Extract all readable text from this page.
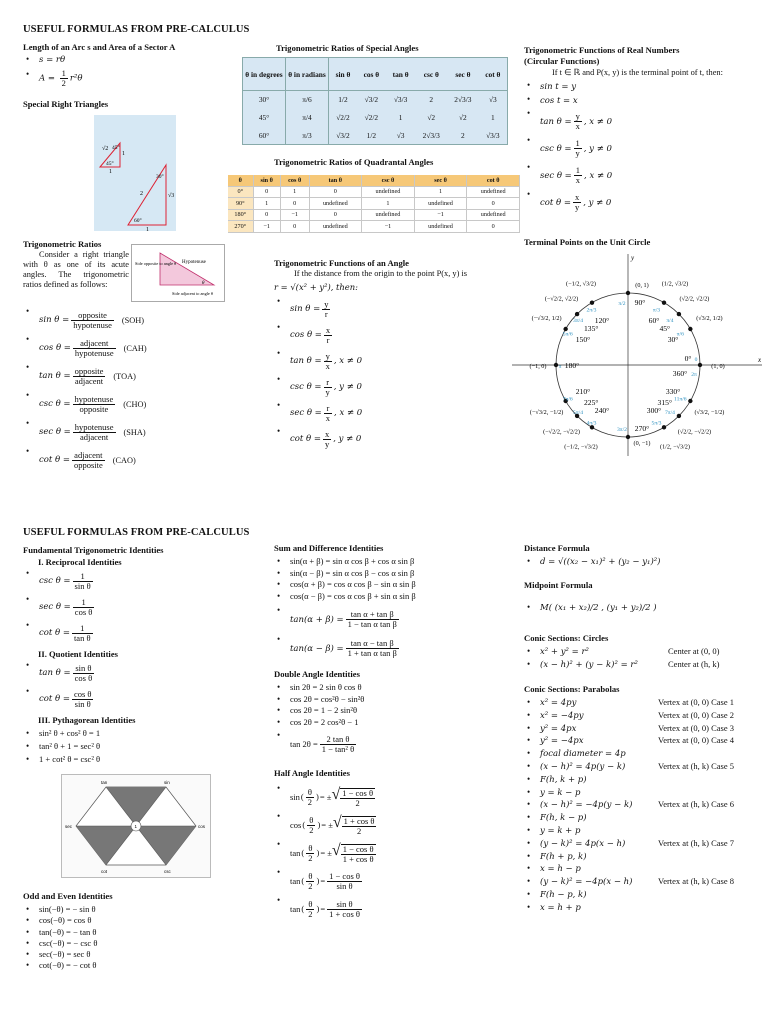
USEFUL FORMULAS FROM PRE-CALCULUS
Length of an Arc s and Area of a Sector A
• s = rθ
• $A = \frac{1}{2} r^2\theta$
Special Right Triangles
√2 45°
1
45°
1
2
30°
√3
60°
1
Trigonometric Ratios
Consider a right triangle with θ as one of its acute angles. The trigonometric ratios defined as follows:
Hypotenuse
Side opposite to angle θ
Side adjacent to angle θ
θ
• sin θ =
opposite
hypotenuse (SOH)
• cos θ =
adjacent
hypotenuse (CAH)
• tan θ =
opposite
adjacent (TOA)
• csc θ =
hypotenuse
opposite	(CHO)
• sec θ =
hypotenuse
adjacent	(SHA)
• cot θ =
adjacent
opposite (CAO)
Trigonometric Ratios of Special Angles
θ in degrees	θ in radians	sin θ	cos θ	tan θ	csc θ	sec θ	cot θ
30°	π/6	1/2	√3/2	√3/3	2	2√3/3	√3
45°	π/4	√2/2	√2/2	1	√2	√2	1
60°	π/3	√3/2	1/2	√3	2√3/3	2	√3/3
Trigonometric Ratios of Quadrantal Angles
θ	sin θ	cos θ	tan θ	csc θ	sec θ	cot θ
0°	0	1	0	undefined	1	undefined
90°	1	0	undefined	1	undefined	0
180°	0	−1	0	undefined	−1	undefined
270°	−1	0	undefined	−1	undefined	0
Trigonometric Functions of an Angle
If the distance from the origin to the point P(x, y) is
r = √(x² + y²), then:
• $\sin \theta = \frac{y}{r}$
• $\cos \theta = \frac{x}{r}$
• $\tan \theta = \frac{y}{x}$ , x ≠ 0
• $\csc \theta = \frac{r}{y}$ , y ≠ 0
• $\sec \theta = \frac{r}{x}$ , x ≠ 0
• $\cot \theta = \frac{x}{y}$ , y ≠ 0
Trigonometric Functions of Real Numbers
(Circular Functions)
If t ∈ ℝ and P(x, y) is the terminal point of t, then:
• sin t = y
• cos t = x
• $\tan \theta = \frac{y}{x}$ , x ≠ 0
• $\csc \theta = \frac{1}{y}$ , y ≠ 0
• $\sec \theta = \frac{1}{x}$ , x ≠ 0
• $\cot \theta = \frac{x}{y}$ , y ≠ 0
Terminal Points on the Unit Circle
x
y
(0, 1) (1/2, √3/2)
(−1/2, √3/2)
(√2/2, √2/2)
(−√2/2, √2/2)
(√3/2, 1/2)
(−√3/2, 1/2)
(1, 0)
(−1, 0)
(√3/2, −1/2)
(−√3/2, −1/2)
(√2/2, −√2/2)
(−√2/2, −√2/2)
(1/2, −√3/2)
(−1/2, −√3/2)	(0, −1)
90°
60°
45°
30°
120°
135°
150°
180°
0°
360°
210°
225°
240°
270°
300°
315°
330°
π/2
π/3
π/4
π/6
2π/3
3π/4
5π/6
π
0
2π
7π/6
5π/4
4π/3
3π/2
5π/3
7π/4
11π/6
USEFUL FORMULAS FROM PRE-CALCULUS
Fundamental Trigonometric Identities
I. Reciprocal Identities
• $\csc \theta = \frac{1}{\text{sin θ}}$
• $\sec \theta = \frac{1}{\text{cos θ}}$
• $\cot \theta = \frac{1}{\text{tan θ}}$
II. Quotient Identities
• $\tan \theta = \frac{\text{sin θ}}{\text{cos θ}}$
• $\cot \theta = \frac{\text{cos θ}}{\text{sin θ}}$
III. Pythagorean Identities
• sin² θ + cos² θ = 1
• tan² θ + 1 = sec² θ
• 1 + cot² θ = csc² θ
tan	sin
sec	cos
cot	csc
1
Odd and Even Identities
• sin(−θ) = − sin θ
• cos(−θ) = cos θ
• tan(−θ) = − tan θ
• csc(−θ) = − csc θ
• sec(−θ) = sec θ
• cot(−θ) = − cot θ
Sum and Difference Identities
• sin(α + β) = sin α cos β + cos α sin β
• sin(α − β) = sin α cos β − cos α sin β
• cos(α + β) = cos α cos β − sin α sin β
• cos(α − β) = cos α cos β + sin α sin β
• $\tan(\alpha + \beta) = \frac{\text{tan α + tan β}}{\text{1 − tan α tan β}}$
• $\tan(\alpha - \beta) = \frac{\text{tan α − tan β}}{\text{1 + tan α tan β}}$
Double Angle Identities
• sin 2θ = 2 sin θ cos θ
• cos 2θ = cos²θ − sin²θ
• cos 2θ = 1 − 2 sin²θ
• cos 2θ = 2 cos²θ − 1
• $\tan 2\theta = \frac{\text{2 tan θ}}{\text{1 − tan² θ}}$
Half Angle Identities
• sin ( $\frac{\theta}{2}$ ) = ± √ $\frac{\text{1 − cos θ}}{2}$
• cos ( $\frac{\theta}{2}$ ) = ± √ $\frac{\text{1 + cos θ}}{2}$
• tan ( $\frac{\theta}{2}$ ) = ± √ $\frac{\text{1 − cos θ}}{\text{1 + cos θ}}$
• tan ( $\frac{\theta}{2}$ ) = $\frac{\text{1 − cos θ}}{\text{sin θ}}$
• tan ( $\frac{\theta}{2}$ ) = $\frac{\text{sin θ}}{\text{1 + cos θ}}$
Distance Formula
• d = √((x₂ − x₁)² + (y₂ − y₁)²)
Midpoint Formula
• M( (x₁ + x₂)/2 , (y₁ + y₂)/2 )
Conic Sections: Circles
• x² + y² = r²	Center at (0, 0)
• (x − h)² + (y − k)² = r²	Center at (h, k)
Conic Sections: Parabolas
• x² = 4py	Vertex at (0, 0) Case 1
• x² = −4py	Vertex at (0, 0) Case 2
• y² = 4px	Vertex at (0, 0) Case 3
• y² = −4px	Vertex at (0, 0) Case 4
• focal diameter = 4p
• (x − h)² = 4p(y − k)	Vertex at (h, k) Case 5
• F(h, k + p)
• y = k − p
• (x − h)² = −4p(y − k)	Vertex at (h, k) Case 6
• F(h, k − p)
• y = k + p
• (y − k)² = 4p(x − h)	Vertex at (h, k) Case 7
• F(h + p, k)
• x = h − p
• (y − k)² = −4p(x − h)	Vertex at (h, k) Case 8
• F(h − p, k)
• x = h + p
